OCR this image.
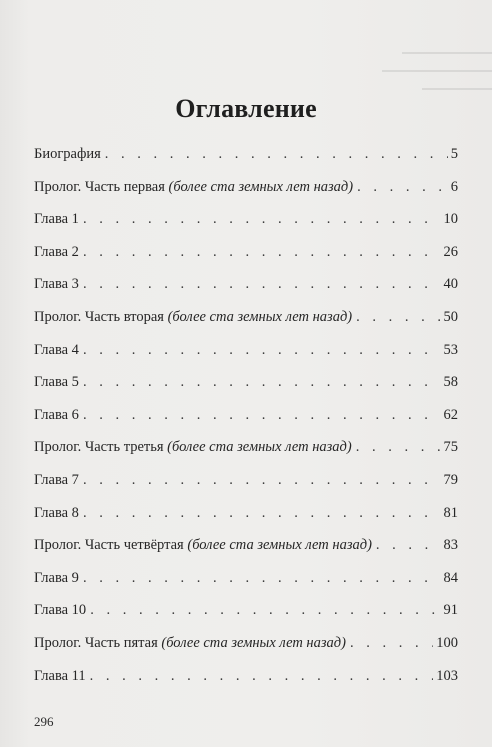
Оглавление
Биография . . .	5
Пролог. Часть первая (более ста земных лет назад) . . .	6
Глава 1 . . .	10
Глава 2 . . .	26
Глава 3 . . .	40
Пролог. Часть вторая (более ста земных лет назад) . . .	50
Глава 4 . . .	53
Глава 5 . . .	58
Глава 6 . . .	62
Пролог. Часть третья (более ста земных лет назад) . . .	75
Глава 7 . . .	79
Глава 8 . . .	81
Пролог. Часть четвёртая (более ста земных лет назад) . . .	83
Глава 9 . . .	84
Глава 10 . . .	91
Пролог. Часть пятая (более ста земных лет назад) . . .	100
Глава 11 . . .	103
296
